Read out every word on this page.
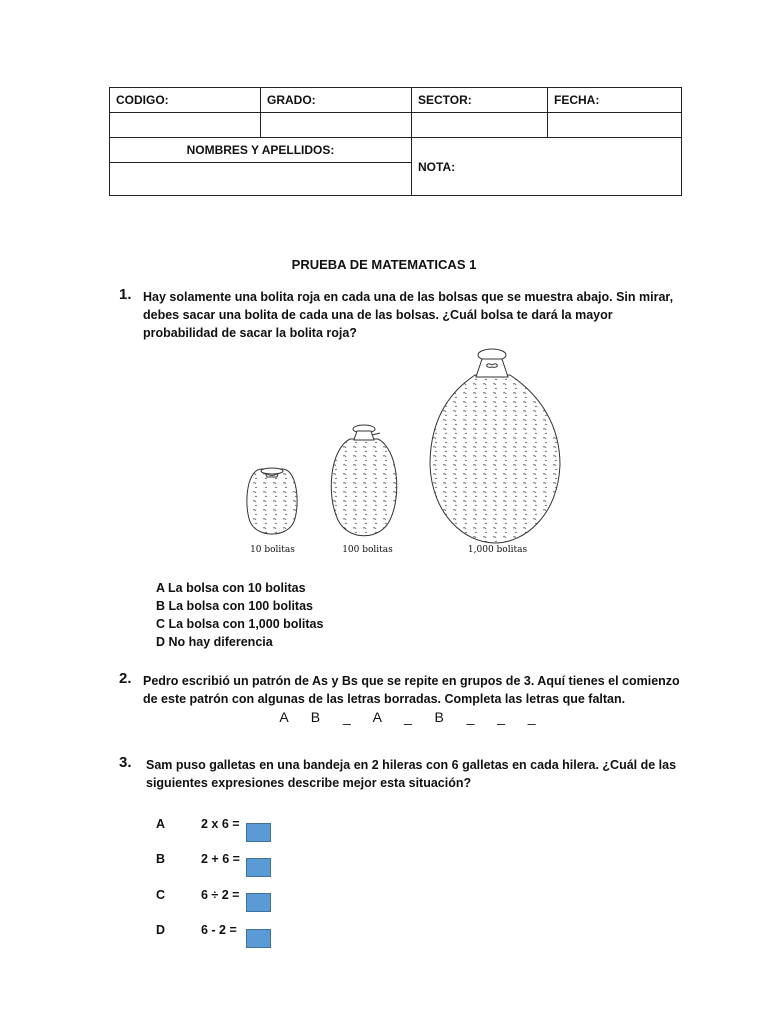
CODIGO:	GRADO:	SECTOR:	FECHA:

NOMBRES Y APELLIDOS:		NOTA:	

PRUEBA DE MATEMATICAS 1
1. Hay solamente una bolita roja en cada una de las bolsas que se muestra abajo. Sin mirar,
debes sacar una bolita de cada una de las bolsas. ¿Cuál bolsa te dará la mayor
probabilidad de sacar la bolita roja?
10 bolitas	100 bolitas	1,000 bolitas
A La bolsa con 10 bolitas
B La bolsa con 100 bolitas
C La bolsa con 1,000 bolitas
D No hay diferencia
2. Pedro escribió un patrón de As y Bs que se repite en grupos de 3. Aquí tienes el comienzo
de este patrón con algunas de las letras borradas. Completa las letras que faltan.
A  B  _  A  _  B  _  _  _
3. Sam puso galletas en una bandeja en 2 hileras con 6 galletas en cada hilera. ¿Cuál de las
siguientes expresiones describe mejor esta situación?
A	2 x 6 =
B	2 + 6 =
C	6 ÷ 2 =
D	6 - 2 =
